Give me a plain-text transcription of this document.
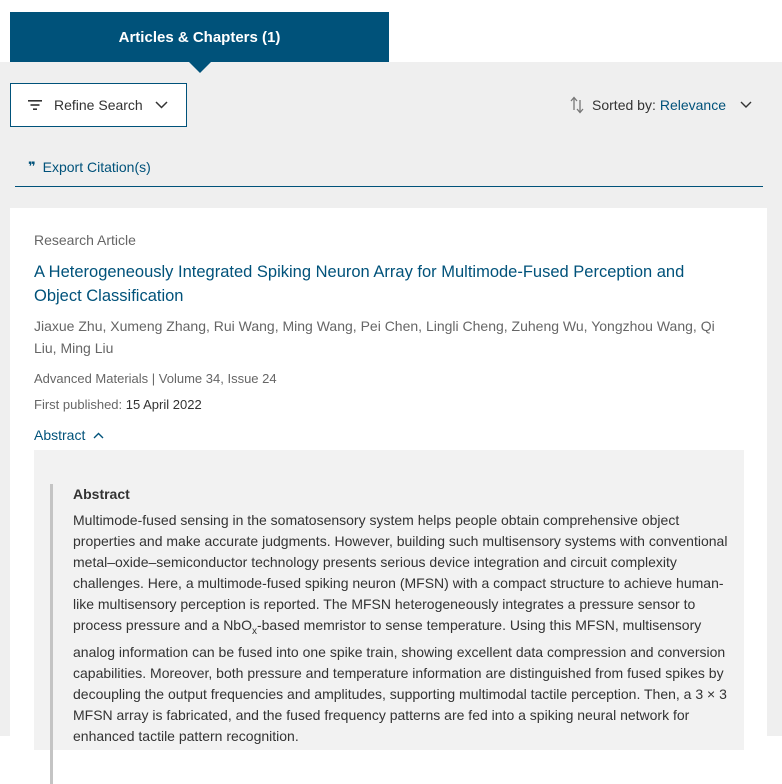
Articles & Chapters (1)
Refine Search	Sorted by: Relevance
❞ Export Citation(s)
Research Article
A Heterogeneously Integrated Spiking Neuron Array for Multimode-Fused Perception and Object Classification
Jiaxue Zhu, Xumeng Zhang, Rui Wang, Ming Wang, Pei Chen, Lingli Cheng, Zuheng Wu, Yongzhou Wang, Qi Liu, Ming Liu
Advanced Materials | Volume 34, Issue 24
First published: 15 April 2022
Abstract
Abstract
Multimode-fused sensing in the somatosensory system helps people obtain comprehensive object properties and make accurate judgments. However, building such multisensory systems with conventional metal–oxide–semiconductor technology presents serious device integration and circuit complexity challenges. Here, a multimode-fused spiking neuron (MFSN) with a compact structure to achieve human-like multisensory perception is reported. The MFSN heterogeneously integrates a pressure sensor to process pressure and a NbO$_x$-based memristor to sense temperature. Using this MFSN, multisensory analog information can be fused into one spike train, showing excellent data compression and conversion capabilities. Moreover, both pressure and temperature information are distinguished from fused spikes by decoupling the output frequencies and amplitudes, supporting multimodal tactile perception. Then, a 3 × 3 MFSN array is fabricated, and the fused frequency patterns are fed into a spiking neural network for enhanced tactile pattern recognition.
